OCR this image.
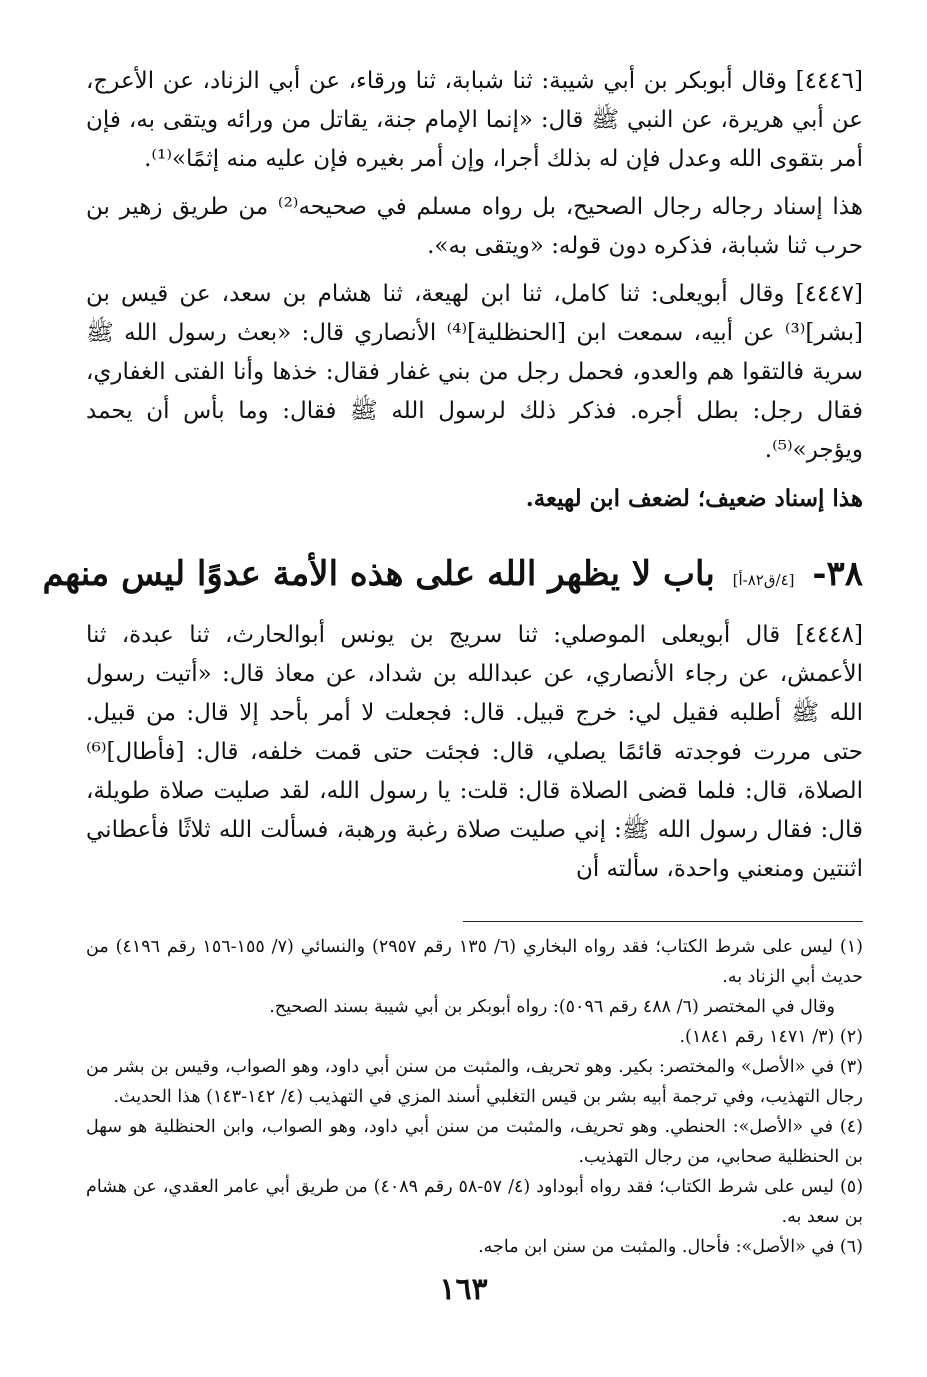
[٤٤٤٦] وقال أبوبكر بن أبي شيبة: ثنا شبابة، ثنا ورقاء، عن أبي الزناد، عن الأعرج، عن أبي هريرة، عن النبي ﷺ قال: «إنما الإمام جنة، يقاتل من ورائه ويتقى به، فإن أمر بتقوى الله وعدل فإن له بذلك أجرا، وإن أمر بغيره فإن عليه منه إثمًا»⁽¹⁾.

هذا إسناد رجاله رجال الصحيح، بل رواه مسلم في صحيحه⁽²⁾ من طريق زهير بن حرب ثنا شبابة، فذكره دون قوله: «ويتقى به».

[٤٤٤٧] وقال أبويعلى: ثنا كامل، ثنا ابن لهيعة، ثنا هشام بن سعد، عن قيس بن [بشر]⁽³⁾ عن أبيه، سمعت ابن [الحنظلية]⁽⁴⁾ الأنصاري قال: «بعث رسول الله ﷺ سرية فالتقوا هم والعدو، فحمل رجل من بني غفار فقال: خذها وأنا الفتى الغفاري، فقال رجل: بطل أجره. فذكر ذلك لرسول الله ﷺ فقال: وما بأس أن يحمد ويؤجر»⁽⁵⁾.

هذا إسناد ضعيف؛ لضعف ابن لهيعة.

٣٨- [٤/ق٨٢-أ] باب لا يظهر الله على هذه الأمة عدوًا ليس منهم

[٤٤٤٨] قال أبويعلى الموصلي: ثنا سريج بن يونس أبوالحارث، ثنا عبدة، ثنا الأعمش، عن رجاء الأنصاري، عن عبدالله بن شداد، عن معاذ قال: «أتيت رسول الله ﷺ أطلبه فقيل لي: خرج قبيل. قال: فجعلت لا أمر بأحد إلا قال: من قبيل. حتى مررت فوجدته قائمًا يصلي، قال: فجئت حتى قمت خلفه، قال: [فأطال]⁽⁶⁾ الصلاة، قال: فلما قضى الصلاة قال: قلت: يا رسول الله، لقد صليت صلاة طويلة، قال: فقال رسول الله ﷺ: إني صليت صلاة رغبة ورهبة، فسألت الله ثلاثًا فأعطاني اثنتين ومنعني واحدة، سألته أن

(١) ليس على شرط الكتاب؛ فقد رواه البخاري (٦/ ١٣٥ رقم ٢٩٥٧) والنسائي (٧/ ١٥٥-١٥٦ رقم ٤١٩٦) من حديث أبي الزناد به.

وقال في المختصر (٦/ ٤٨٨ رقم ٥٠٩٦): رواه أبوبكر بن أبي شيبة بسند الصحيح.

(٢) (٣/ ١٤٧١ رقم ١٨٤١).

(٣) في «الأصل» والمختصر: بكير. وهو تحريف، والمثبت من سنن أبي داود، وهو الصواب، وقيس بن بشر من رجال التهذيب، وفي ترجمة أبيه بشر بن قيس التغلبي أسند المزي في التهذيب (٤/ ١٤٢-١٤٣) هذا الحديث.

(٤) في «الأصل»: الحنطي. وهو تحريف، والمثبت من سنن أبي داود، وهو الصواب، وابن الحنظلية هو سهل بن الحنظلية صحابي، من رجال التهذيب.

(٥) ليس على شرط الكتاب؛ فقد رواه أبوداود (٤/ ٥٧-٥٨ رقم ٤٠٨٩) من طريق أبي عامر العقدي، عن هشام بن سعد به.

(٦) في «الأصل»: فأحال. والمثبت من سنن ابن ماجه.

١٦٣
